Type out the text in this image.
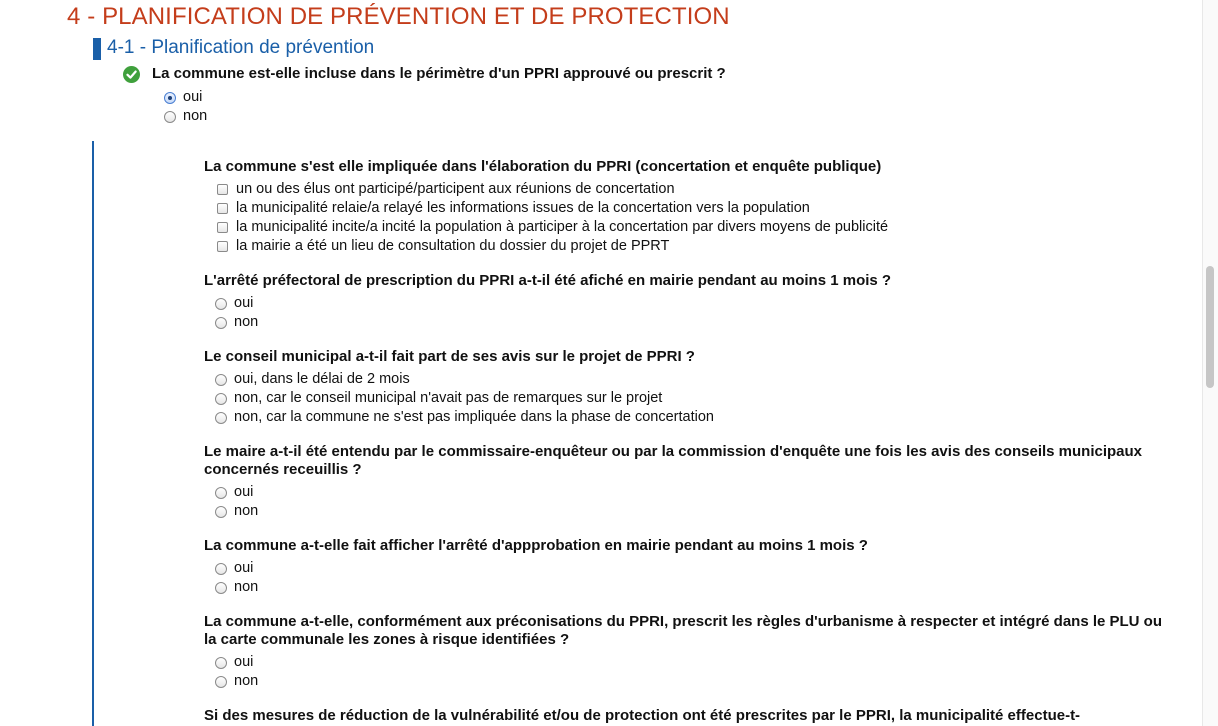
4 - PLANIFICATION DE PRÉVENTION ET DE PROTECTION
4-1 - Planification de prévention
La commune est-elle incluse dans le périmètre d'un PPRI approuvé ou prescrit ?
oui
non
La commune s'est elle impliquée dans l'élaboration du PPRI (concertation et enquête publique)
un ou des élus ont participé/participent aux réunions de concertation
la municipalité relaie/a relayé les informations issues de la concertation vers la population
la municipalité incite/a incité la population à participer à la concertation par divers moyens de publicité
la mairie a été un lieu de consultation du dossier du projet de PPRT
L'arrêté préfectoral de prescription du PPRI a-t-il été afiché en mairie pendant au moins 1 mois ?
oui
non
Le conseil municipal a-t-il fait part de ses avis sur le projet de PPRI ?
oui, dans le délai de 2 mois
non, car le conseil municipal n'avait pas de remarques sur le projet
non, car la commune ne s'est pas impliquée dans la phase de concertation
Le maire a-t-il été entendu par le commissaire-enquêteur ou par la commission d'enquête une fois les avis des conseils municipaux concernés receuillis ?
oui
non
La commune a-t-elle fait afficher l'arrêté d'appprobation en mairie pendant au moins 1 mois ?
oui
non
La commune a-t-elle, conformément aux préconisations du PPRI, prescrit les règles d'urbanisme à respecter et intégré dans le PLU ou la carte communale les zones à risque identifiées ?
oui
non
Si des mesures de réduction de la vulnérabilité et/ou de protection ont été prescrites par le PPRI, la municipalité effectue-t-
